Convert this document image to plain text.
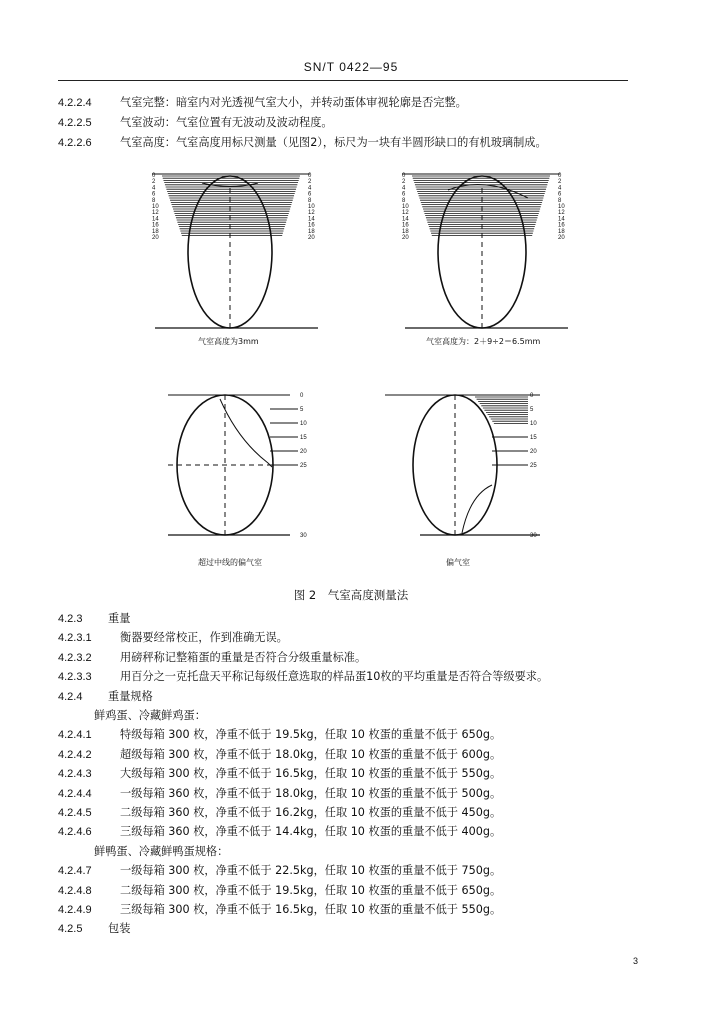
SN/T 0422—95
4.2.2.4	气室完整：暗室内对光透视气室大小，并转动蛋体审视轮廓是否完整。
4.2.2.5	气室波动：气室位置有无波动及波动程度。
4.2.2.6	气室高度：气室高度用标尺测量（见图2），标尺为一块有半圆形缺口的有机玻璃制成。
0
2
4
6
8
10
12
14
16
18
20
0
2
4
6
8
10
12
14
16
18
20
气室高度为3mm
0
2
4
6
8
10
12
14
16
18
20
0
2
4
6
8
10
12
14
16
18
20
气室高度为：2＋9÷2＝6.5mm
0
5
10
15
20
25
30
超过中线的偏气室
0
5
10
15
20
25
30
偏气室
图 2　气室高度测量法
4.2.3 重量
4.2.3.1	衡器要经常校正，作到准确无误。
4.2.3.2	用磅秤称记整箱蛋的重量是否符合分级重量标准。
4.2.3.3	用百分之一克托盘天平称记每级任意选取的样品蛋10枚的平均重量是否符合等级要求。
4.2.4 重量规格
鲜鸡蛋、冷藏鲜鸡蛋：
4.2.4.1	特级每箱 300 枚，净重不低于 19.5kg，任取 10 枚蛋的重量不低于 650g。
4.2.4.2	超级每箱 300 枚，净重不低于 18.0kg，任取 10 枚蛋的重量不低于 600g。
4.2.4.3	大级每箱 300 枚，净重不低于 16.5kg，任取 10 枚蛋的重量不低于 550g。
4.2.4.4	一级每箱 360 枚，净重不低于 18.0kg，任取 10 枚蛋的重量不低于 500g。
4.2.4.5	二级每箱 360 枚，净重不低于 16.2kg，任取 10 枚蛋的重量不低于 450g。
4.2.4.6	三级每箱 360 枚，净重不低于 14.4kg，任取 10 枚蛋的重量不低于 400g。
鲜鸭蛋、冷藏鲜鸭蛋规格：
4.2.4.7	一级每箱 300 枚，净重不低于 22.5kg，任取 10 枚蛋的重量不低于 750g。
4.2.4.8	二级每箱 300 枚，净重不低于 19.5kg，任取 10 枚蛋的重量不低于 650g。
4.2.4.9	三级每箱 300 枚，净重不低于 16.5kg，任取 10 枚蛋的重量不低于 550g。
4.2.5 包装
3
